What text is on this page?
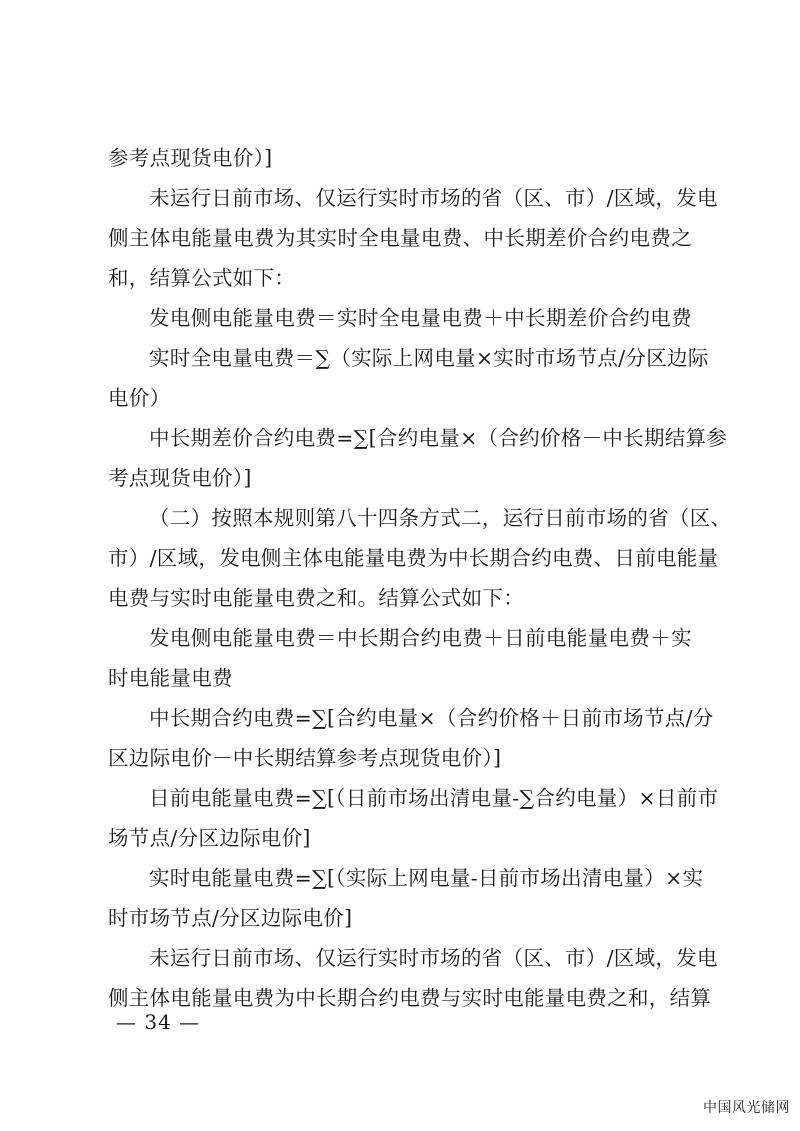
参考点现货电价）]
未运行日前市场、仅运行实时市场的省（区、市）/区域，发电
侧主体电能量电费为其实时全电量电费、中长期差价合约电费之
和，结算公式如下：
发电侧电能量电费＝实时全电量电费＋中长期差价合约电费
实时全电量电费＝∑（实际上网电量×实时市场节点/分区边际
电价）
中长期差价合约电费=∑[合约电量×（合约价格－中长期结算参
考点现货电价）]
（二）按照本规则第八十四条方式二，运行日前市场的省（区、
市）/区域，发电侧主体电能量电费为中长期合约电费、日前电能量
电费与实时电能量电费之和。结算公式如下：
发电侧电能量电费＝中长期合约电费＋日前电能量电费＋实
时电能量电费
中长期合约电费=∑[合约电量×（合约价格＋日前市场节点/分
区边际电价－中长期结算参考点现货电价）]
日前电能量电费=∑[（日前市场出清电量-∑合约电量）×日前市
场节点/分区边际电价]
实时电能量电费=∑[（实际上网电量-日前市场出清电量）×实
时市场节点/分区边际电价]
未运行日前市场、仅运行实时市场的省（区、市）/区域，发电
侧主体电能量电费为中长期合约电费与实时电能量电费之和，结算
— 34 —
中国风光储网
